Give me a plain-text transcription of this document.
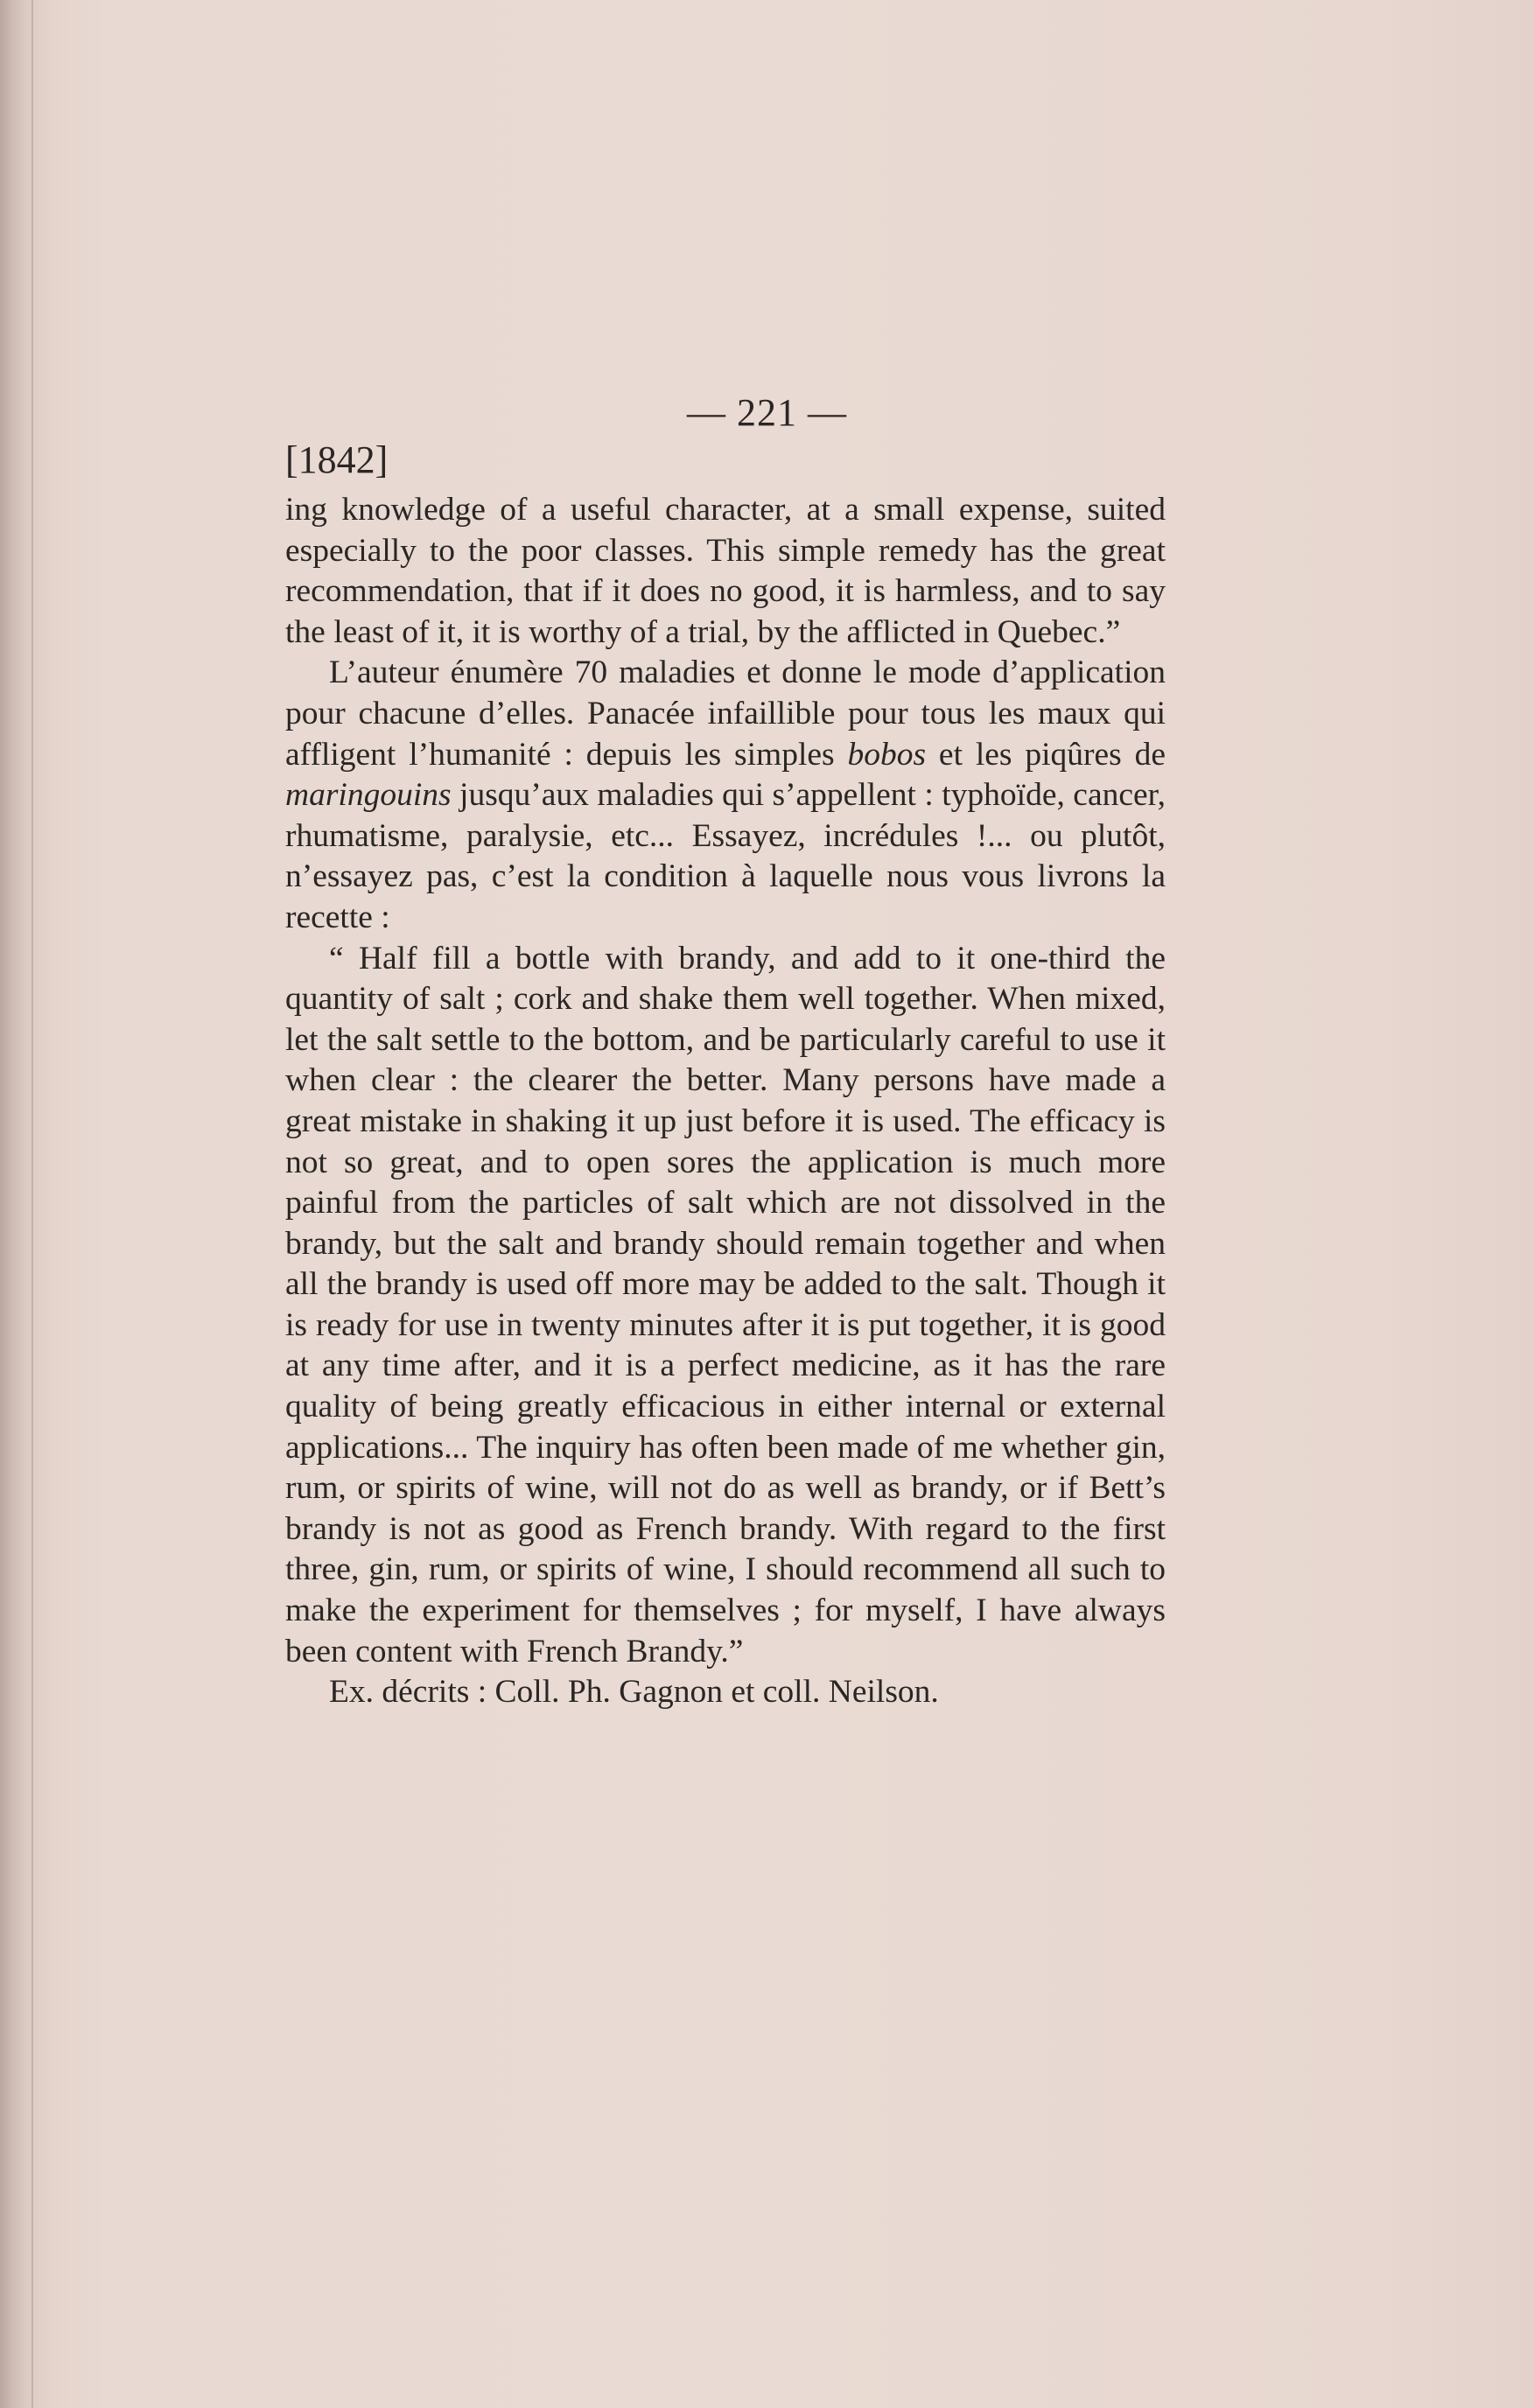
— 221 —
[1842]

ing knowledge of a useful character, at a small expense, suited especially to the poor classes. This simple remedy has the great recommendation, that if it does no good, it is harmless, and to say the least of it, it is worthy of a trial, by the afflicted in Quebec.”

L’auteur énumère 70 maladies et donne le mode d’application pour chacune d’elles. Panacée infaillible pour tous les maux qui affligent l’humanité : depuis les simples bobos et les piqûres de maringouins jusqu’aux maladies qui s’appellent : typhoïde, cancer, rhumatisme, paralysie, etc... Essayez, incrédules !... ou plutôt, n’essayez pas, c’est la condition à laquelle nous vous livrons la recette :

“ Half fill a bottle with brandy, and add to it one-third the quantity of salt ; cork and shake them well together. When mixed, let the salt settle to the bottom, and be particularly careful to use it when clear : the clearer the better. Many persons have made a great mistake in shaking it up just before it is used. The efficacy is not so great, and to open sores the application is much more painful from the particles of salt which are not dissolved in the brandy, but the salt and brandy should remain together and when all the brandy is used off more may be added to the salt. Though it is ready for use in twenty minutes after it is put together, it is good at any time after, and it is a perfect medicine, as it has the rare quality of being greatly efficacious in either internal or external applications... The inquiry has often been made of me whether gin, rum, or spirits of wine, will not do as well as brandy, or if Bett’s brandy is not as good as French brandy. With regard to the first three, gin, rum, or spirits of wine, I should recommend all such to make the experiment for themselves ; for myself, I have always been content with French Brandy.”

Ex. décrits : Coll. Ph. Gagnon et coll. Neilson.
